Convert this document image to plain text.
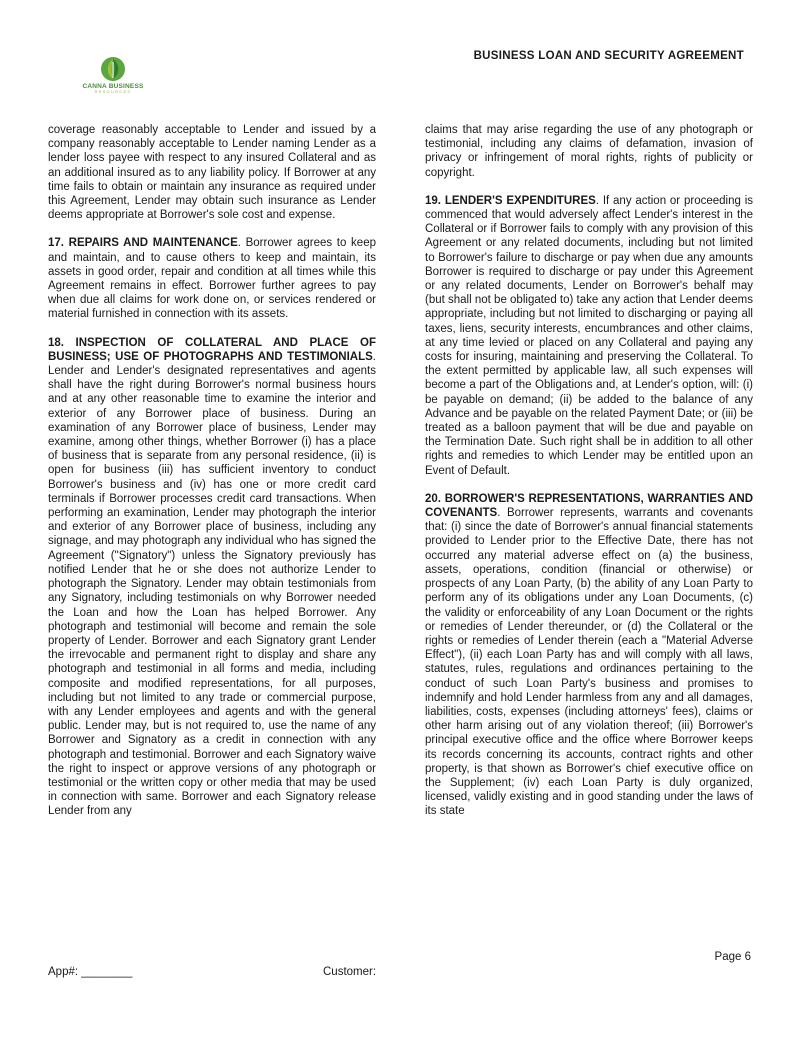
CANNA BUSINESS
RESOURCES
BUSINESS LOAN AND SECURITY AGREEMENT

coverage reasonably acceptable to Lender and issued by a company reasonably acceptable to Lender naming Lender as a lender loss payee with respect to any insured Collateral and as an additional insured as to any liability policy. If Borrower at any time fails to obtain or maintain any insurance as required under this Agreement, Lender may obtain such insurance as Lender deems appropriate at Borrower's sole cost and expense.

17. REPAIRS AND MAINTENANCE. Borrower agrees to keep and maintain, and to cause others to keep and maintain, its assets in good order, repair and condition at all times while this Agreement remains in effect. Borrower further agrees to pay when due all claims for work done on, or services rendered or material furnished in connection with its assets.

18. INSPECTION OF COLLATERAL AND PLACE OF BUSINESS; USE OF PHOTOGRAPHS AND TESTIMONIALS. Lender and Lender's designated representatives and agents shall have the right during Borrower's normal business hours and at any other reasonable time to examine the interior and exterior of any Borrower place of business. During an examination of any Borrower place of business, Lender may examine, among other things, whether Borrower (i) has a place of business that is separate from any personal residence, (ii) is open for business (iii) has sufficient inventory to conduct Borrower's business and (iv) has one or more credit card terminals if Borrower processes credit card transactions. When performing an examination, Lender may photograph the interior and exterior of any Borrower place of business, including any signage, and may photograph any individual who has signed the Agreement ("Signatory") unless the Signatory previously has notified Lender that he or she does not authorize Lender to photograph the Signatory. Lender may obtain testimonials from any Signatory, including testimonials on why Borrower needed the Loan and how the Loan has helped Borrower. Any photograph and testimonial will become and remain the sole property of Lender. Borrower and each Signatory grant Lender the irrevocable and permanent right to display and share any photograph and testimonial in all forms and media, including composite and modified representations, for all purposes, including but not limited to any trade or commercial purpose, with any Lender employees and agents and with the general public. Lender may, but is not required to, use the name of any Borrower and Signatory as a credit in connection with any photograph and testimonial. Borrower and each Signatory waive the right to inspect or approve versions of any photograph or testimonial or the written copy or other media that may be used in connection with same. Borrower and each Signatory release Lender from any

claims that may arise regarding the use of any photograph or testimonial, including any claims of defamation, invasion of privacy or infringement of moral rights, rights of publicity or copyright.

19. LENDER'S EXPENDITURES. If any action or proceeding is commenced that would adversely affect Lender's interest in the Collateral or if Borrower fails to comply with any provision of this Agreement or any related documents, including but not limited to Borrower's failure to discharge or pay when due any amounts Borrower is required to discharge or pay under this Agreement or any related documents, Lender on Borrower's behalf may (but shall not be obligated to) take any action that Lender deems appropriate, including but not limited to discharging or paying all taxes, liens, security interests, encumbrances and other claims, at any time levied or placed on any Collateral and paying any costs for insuring, maintaining and preserving the Collateral. To the extent permitted by applicable law, all such expenses will become a part of the Obligations and, at Lender's option, will: (i) be payable on demand; (ii) be added to the balance of any Advance and be payable on the related Payment Date; or (iii) be treated as a balloon payment that will be due and payable on the Termination Date. Such right shall be in addition to all other rights and remedies to which Lender may be entitled upon an Event of Default.

20. BORROWER'S REPRESENTATIONS, WARRANTIES AND COVENANTS. Borrower represents, warrants and covenants that: (i) since the date of Borrower's annual financial statements provided to Lender prior to the Effective Date, there has not occurred any material adverse effect on (a) the business, assets, operations, condition (financial or otherwise) or prospects of any Loan Party, (b) the ability of any Loan Party to perform any of its obligations under any Loan Documents, (c) the validity or enforceability of any Loan Document or the rights or remedies of Lender thereunder, or (d) the Collateral or the rights or remedies of Lender therein (each a "Material Adverse Effect"), (ii) each Loan Party has and will comply with all laws, statutes, rules, regulations and ordinances pertaining to the conduct of such Loan Party's business and promises to indemnify and hold Lender harmless from any and all damages, liabilities, costs, expenses (including attorneys' fees), claims or other harm arising out of any violation thereof; (iii) Borrower's principal executive office and the office where Borrower keeps its records concerning its accounts, contract rights and other property, is that shown as Borrower's chief executive office on the Supplement; (iv) each Loan Party is duly organized, licensed, validly existing and in good standing under the laws of its state

Page 6
App#: ________	Customer:
